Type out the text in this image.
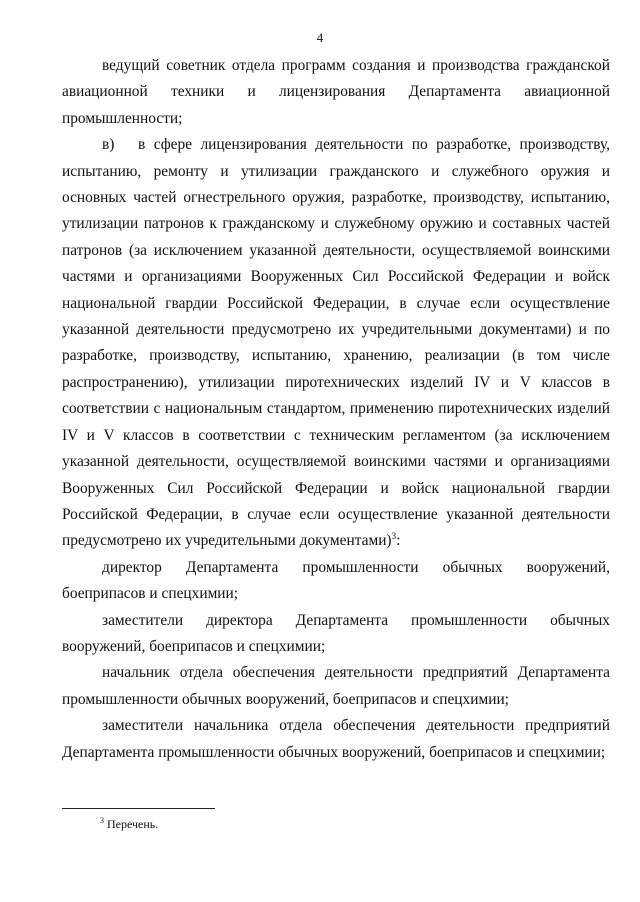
4

ведущий советник отдела программ создания и производства гражданской авиационной техники и лицензирования Департамента авиационной промышленности;

в) в сфере лицензирования деятельности по разработке, производству, испытанию, ремонту и утилизации гражданского и служебного оружия и основных частей огнестрельного оружия, разработке, производству, испытанию, утилизации патронов к гражданскому и служебному оружию и составных частей патронов (за исключением указанной деятельности, осуществляемой воинскими частями и организациями Вооруженных Сил Российской Федерации и войск национальной гвардии Российской Федерации, в случае если осуществление указанной деятельности предусмотрено их учредительными документами) и по разработке, производству, испытанию, хранению, реализации (в том числе распространению), утилизации пиротехнических изделий IV и V классов в соответствии с национальным стандартом, применению пиротехнических изделий IV и V классов в соответствии с техническим регламентом (за исключением указанной деятельности, осуществляемой воинскими частями и организациями Вооруженных Сил Российской Федерации и войск национальной гвардии Российской Федерации, в случае если осуществление указанной деятельности предусмотрено их учредительными документами)$^3$:

директор Департамента промышленности обычных вооружений, боеприпасов и спецхимии;

заместители директора Департамента промышленности обычных вооружений, боеприпасов и спецхимии;

начальник отдела обеспечения деятельности предприятий Департамента промышленности обычных вооружений, боеприпасов и спецхимии;

заместители начальника отдела обеспечения деятельности предприятий Департамента промышленности обычных вооружений, боеприпасов и спецхимии;

$^3$ Перечень.
